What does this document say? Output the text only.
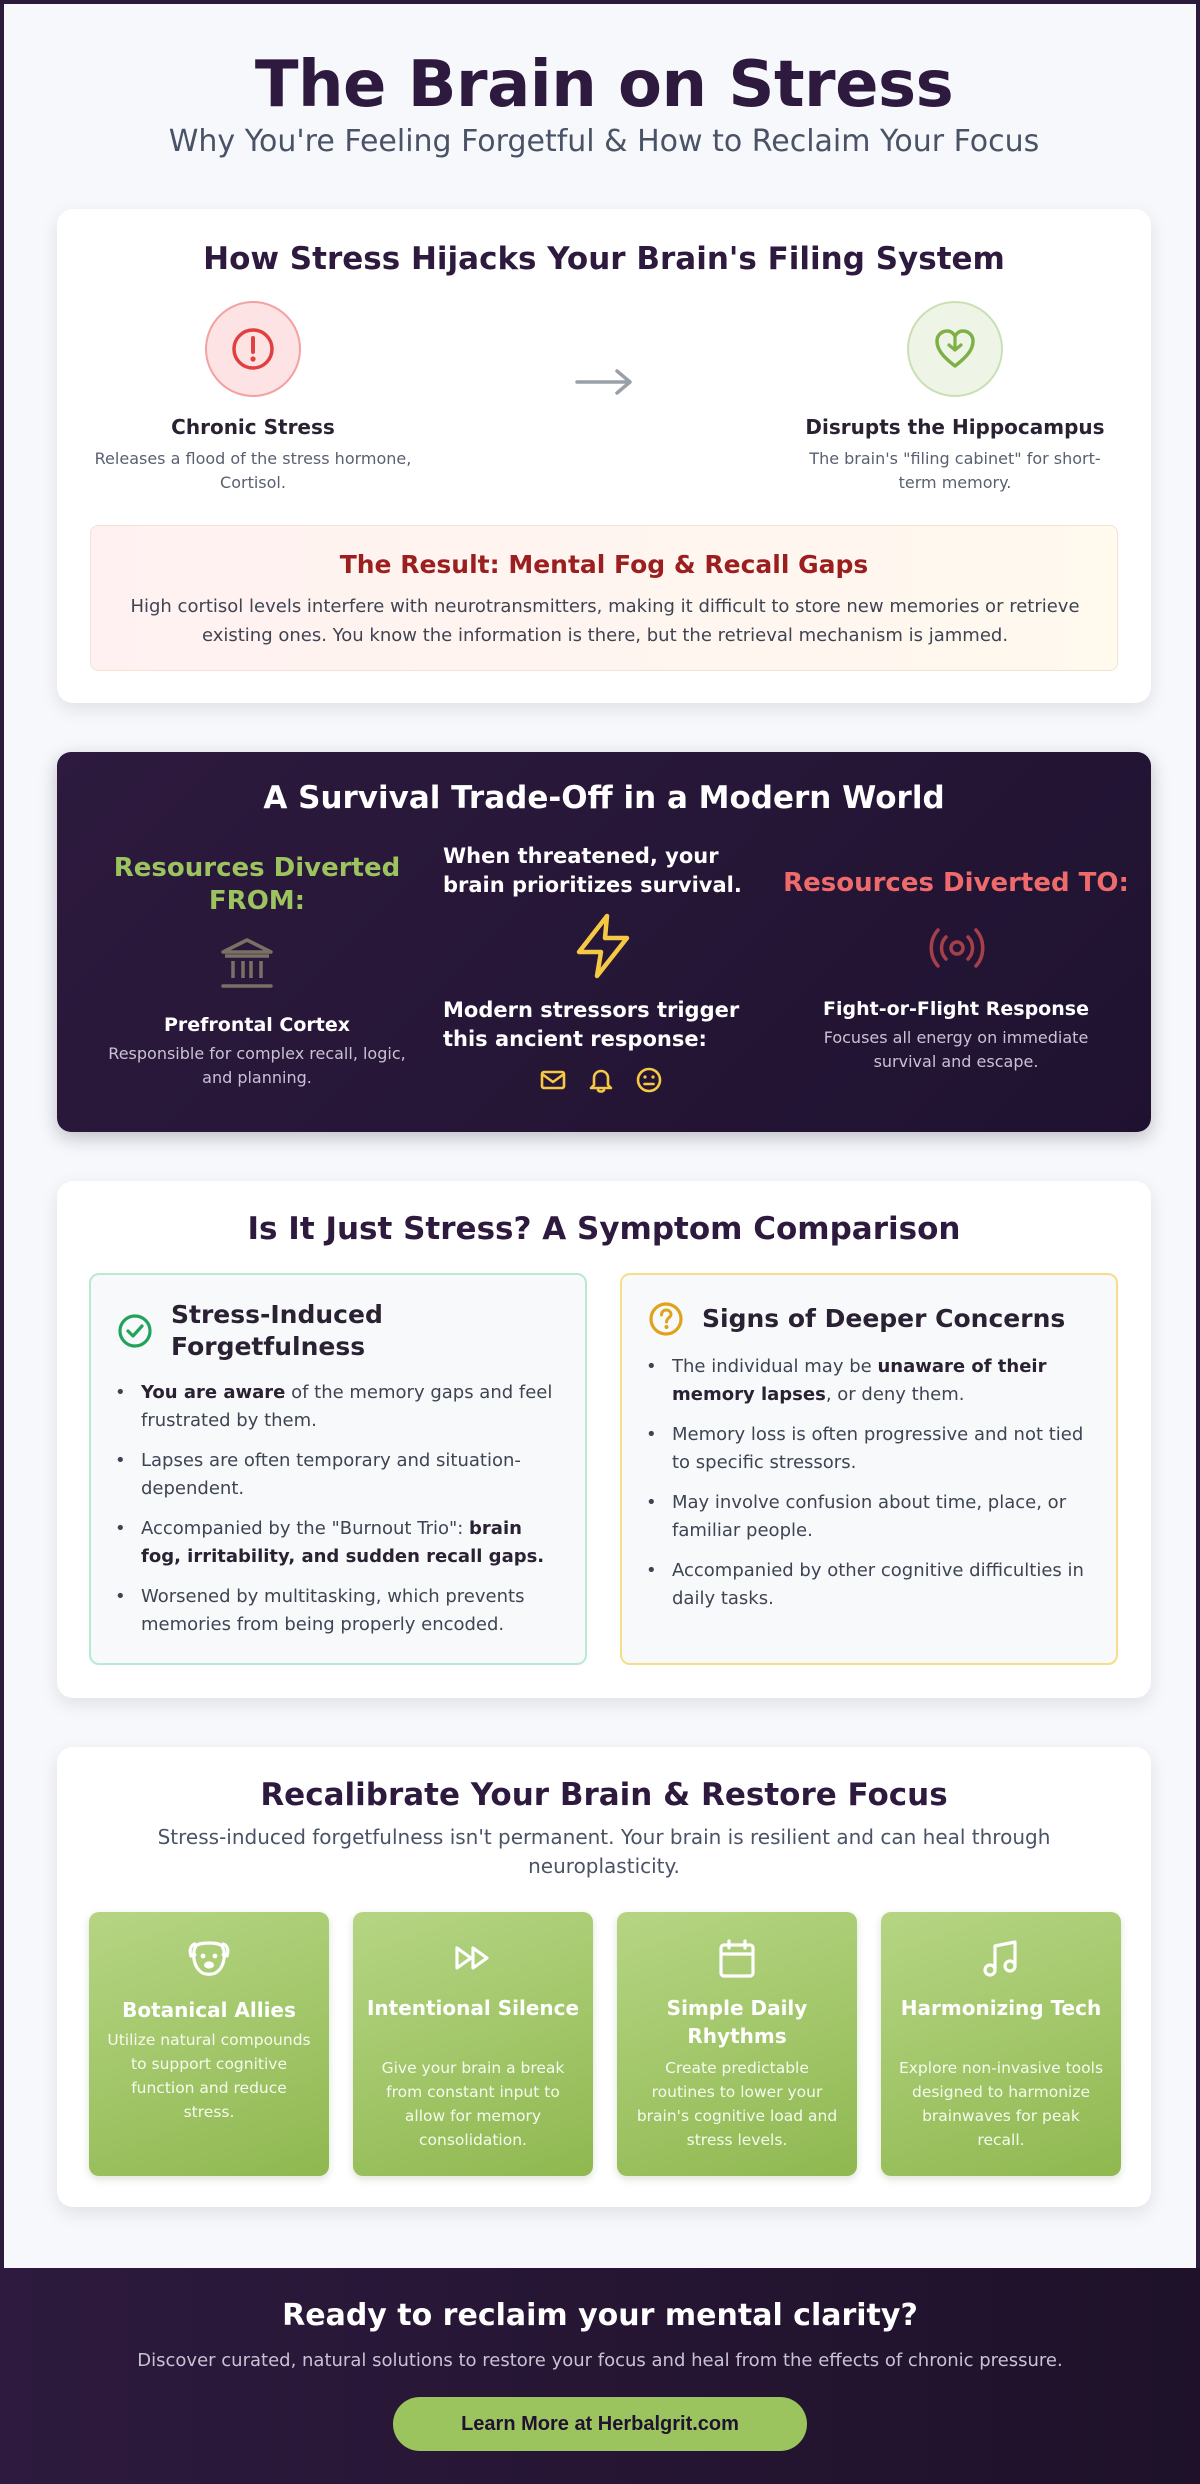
The Brain on Stress
Why You're Feeling Forgetful & How to Reclaim Your Focus
How Stress Hijacks Your Brain's Filing System
Chronic Stress
Releases a flood of the stress hormone, Cortisol.
Disrupts the Hippocampus
The brain's "filing cabinet" for short-term memory.
The Result: Mental Fog & Recall Gaps
High cortisol levels interfere with neurotransmitters, making it difficult to store new memories or retrieve existing ones. You know the information is there, but the retrieval mechanism is jammed.
A Survival Trade-Off in a Modern World
Resources Diverted FROM:
Prefrontal Cortex
Responsible for complex recall, logic, and planning.
When threatened, your brain prioritizes survival.
Modern stressors trigger this ancient response:
Resources Diverted TO:
Fight-or-Flight Response
Focuses all energy on immediate survival and escape.
Is It Just Stress? A Symptom Comparison
Stress-Induced Forgetfulness
• You are aware of the memory gaps and feel frustrated by them.
• Lapses are often temporary and situation-dependent.
• Accompanied by the "Burnout Trio": brain fog, irritability, and sudden recall gaps.
• Worsened by multitasking, which prevents memories from being properly encoded.
Signs of Deeper Concerns
• The individual may be unaware of their memory lapses, or deny them.
• Memory loss is often progressive and not tied to specific stressors.
• May involve confusion about time, place, or familiar people.
• Accompanied by other cognitive difficulties in daily tasks.
Recalibrate Your Brain & Restore Focus
Stress-induced forgetfulness isn't permanent. Your brain is resilient and can heal through neuroplasticity.
Botanical Allies
Utilize natural compounds to support cognitive function and reduce stress.
Intentional Silence
Give your brain a break from constant input to allow for memory consolidation.
Simple Daily Rhythms
Create predictable routines to lower your brain's cognitive load and stress levels.
Harmonizing Tech
Explore non-invasive tools designed to harmonize brainwaves for peak recall.
Ready to reclaim your mental clarity?
Discover curated, natural solutions to restore your focus and heal from the effects of chronic pressure.
Learn More at Herbalgrit.com
